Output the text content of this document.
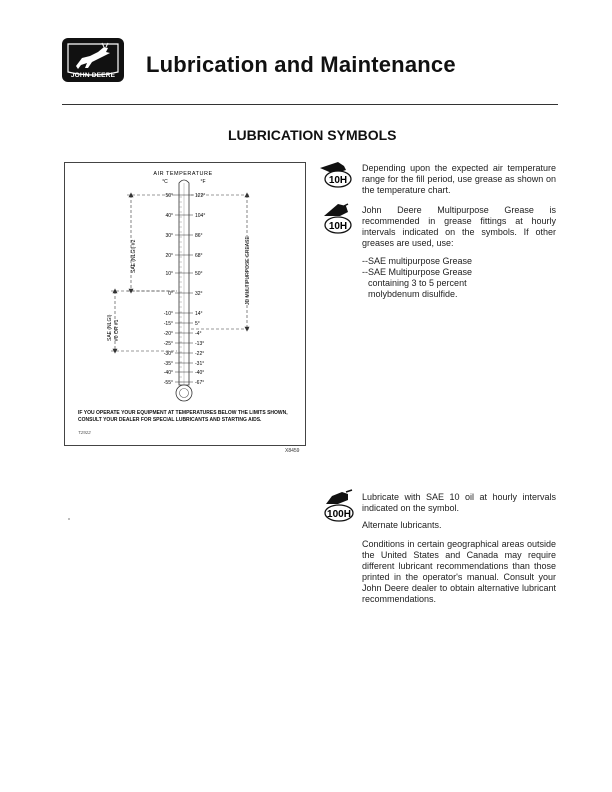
JOHN DEERE	Lubrication and Maintenance
LUBRICATION SYMBOLS
AIR TEMPERATURE
°C	°F
50°	122°
40°	104°
30°	86°
20°	68°
10°	50°
0°	32°
-10°	14°
-15°	5°
-20°	-4°
-25°	-13°
-30°	-22°
-35°	-31°
-40°	-40°
-55°	-67°
SAE (NLGI) #2
SAE (NLGI) #0 OR #1
JD MULTIPURPOSE GREASE
IF YOU OPERATE YOUR EQUIPMENT AT TEMPERATURES BELOW THE LIMITS SHOWN, CONSULT YOUR DEALER FOR SPECIAL LUBRICANTS AND STARTING AIDS.
T2922
X8459
10H
10H
Depending upon the expected air temperature range for the fill period, use grease as shown on the temperature chart.
John Deere Multipurpose Grease is recommended in grease fittings at hourly intervals indicated on the symbols. If other greases are used, use:
--SAE multipurpose Grease
--SAE Multipurpose Grease
containing 3 to 5 percent
molybdenum disulfide.
100H
Lubricate with SAE 10 oil at hourly intervals indicated on the symbol.
Alternate lubricants.
Conditions in certain geographical areas outside the United States and Canada may require different lubricant recommendations than those printed in the operator's manual. Consult your John Deere dealer to obtain alternative lubricant recommendations.
